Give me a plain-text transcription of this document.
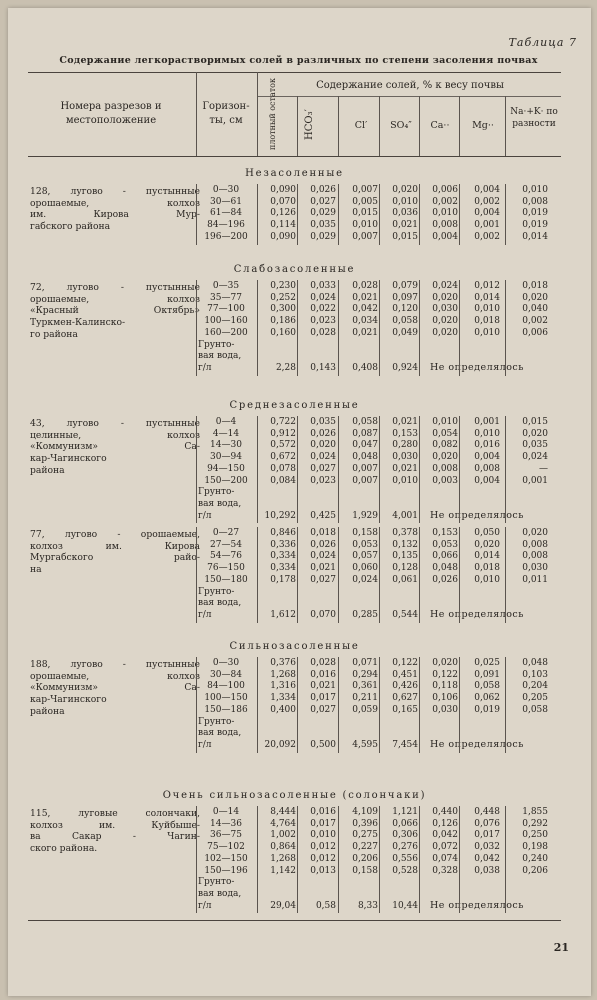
Таблица 7
Содержание легкорастворимых солей в различных по степени засоления почвах
Номера разрезов и местоположение
Горизон-ты, см
Содержание солей, % к весу почвы
плотный остаток	HCO₃′	Cl′	SO₄″	Ca··	Mg··
Na·+K· по разности
Незасоленные
128, лугово - пустынные
орошаемые, колхоз
им. Кирова Мур-
габского района
0—30	0,090	0,026	0,007	0,020	0,006	0,004	0,010
30—61	0,070	0,027	0,005	0,010	0,002	0,002	0,008
61—84	0,126	0,029	0,015	0,036	0,010	0,004	0,019
84—196	0,114	0,035	0,010	0,021	0,008	0,001	0,019
196—200	0,090	0,029	0,007	0,015	0,004	0,002	0,014
Слабозасоленные
72, лугово - пустынные
орошаемые, колхоз
«Красный Октябрь»
Туркмен-Калинско-
го района
0—35	0,230	0,033	0,028	0,079	0,024	0,012	0,018
35—77	0,252	0,024	0,021	0,097	0,020	0,014	0,020
77—100	0,300	0,022	0,042	0,120	0,030	0,010	0,040
100—160	0,186	0,023	0,034	0,058	0,020	0,018	0,002
160—200	0,160	0,028	0,021	0,049	0,020	0,010	0,006
Грунто-
вая вода,
г/л	2,28	0,143	0,408	0,924 Не определялось
Среднезасоленные
43, лугово - пустынные
целинные, колхоз
«Коммунизм» Са-
кар-Чагинского
района
0—4	0,722	0,035	0,058	0,021	0,010	0,001	0,015
4—14	0,912	0,026	0,087	0,153	0,054	0,010	0,020
14—30	0,572	0,020	0,047	0,280	0,082	0,016	0,035
30—94	0,672	0,024	0,048	0,030	0,020	0,004	0,024
94—150	0,078	0,027	0,007	0,021	0,008	0,008	—
150—200	0,084	0,023	0,007	0,010	0,003	0,004	0,001
Грунто-
вая вода,
г/л	10,292	0,425	1,929	4,001 Не определялось
77, лугово - орошаемые,
колхоз им. Кирова
Мургабского райо-
на
0—27	0,846	0,018	0,158	0,378	0,153	0,050	0,020
27—54	0,336	0,026	0,053	0,132	0,053	0,020	0,008
54—76	0,334	0,024	0,057	0,135	0,066	0,014	0,008
76—150	0,334	0,021	0,060	0,128	0,048	0,018	0,030
150—180	0,178	0,027	0,024	0,061	0,026	0,010	0,011
Грунто-
вая вода,
г/л	1,612	0,070	0,285	0,544 Не определялось
Сильнозасоленные
188, лугово - пустынные
орошаемые, колхоз
«Коммунизм» Са-
кар-Чагинского
района
0—30	0,376	0,028	0,071	0,122	0,020	0,025	0,048
30—84	1,268	0,016	0,294	0,451	0,122	0,091	0,103
84—100	1,316	0,021	0,361	0,426	0,118	0,058	0,204
100—150	1,334	0,017	0,211	0,627	0,106	0,062	0,205
150—186	0,400	0,027	0,059	0,165	0,030	0,019	0,058
Грунто-
вая вода,
г/л	20,092	0,500	4,595	7,454 Не определялось
Очень сильнозасоленные (солончаки)
115, луговые солончаки,
колхоз им. Куйбыше-
ва Сакар - Чагин-
ского района.
0—14	8,444	0,016	4,109	1,121	0,440	0,448	1,855
14—36	4,764	0,017	0,396	0,066	0,126	0,076	0,292
36—75	1,002	0,010	0,275	0,306	0,042	0,017	0,250
75—102	0,864	0,012	0,227	0,276	0,072	0,032	0,198
102—150	1,268	0,012	0,206	0,556	0,074	0,042	0,240
150—196	1,142	0,013	0,158	0,528	0,328	0,038	0,206
Грунто-
вая вода,
г/л	29,04	0,58	8,33	10,44 Не определялось
21
